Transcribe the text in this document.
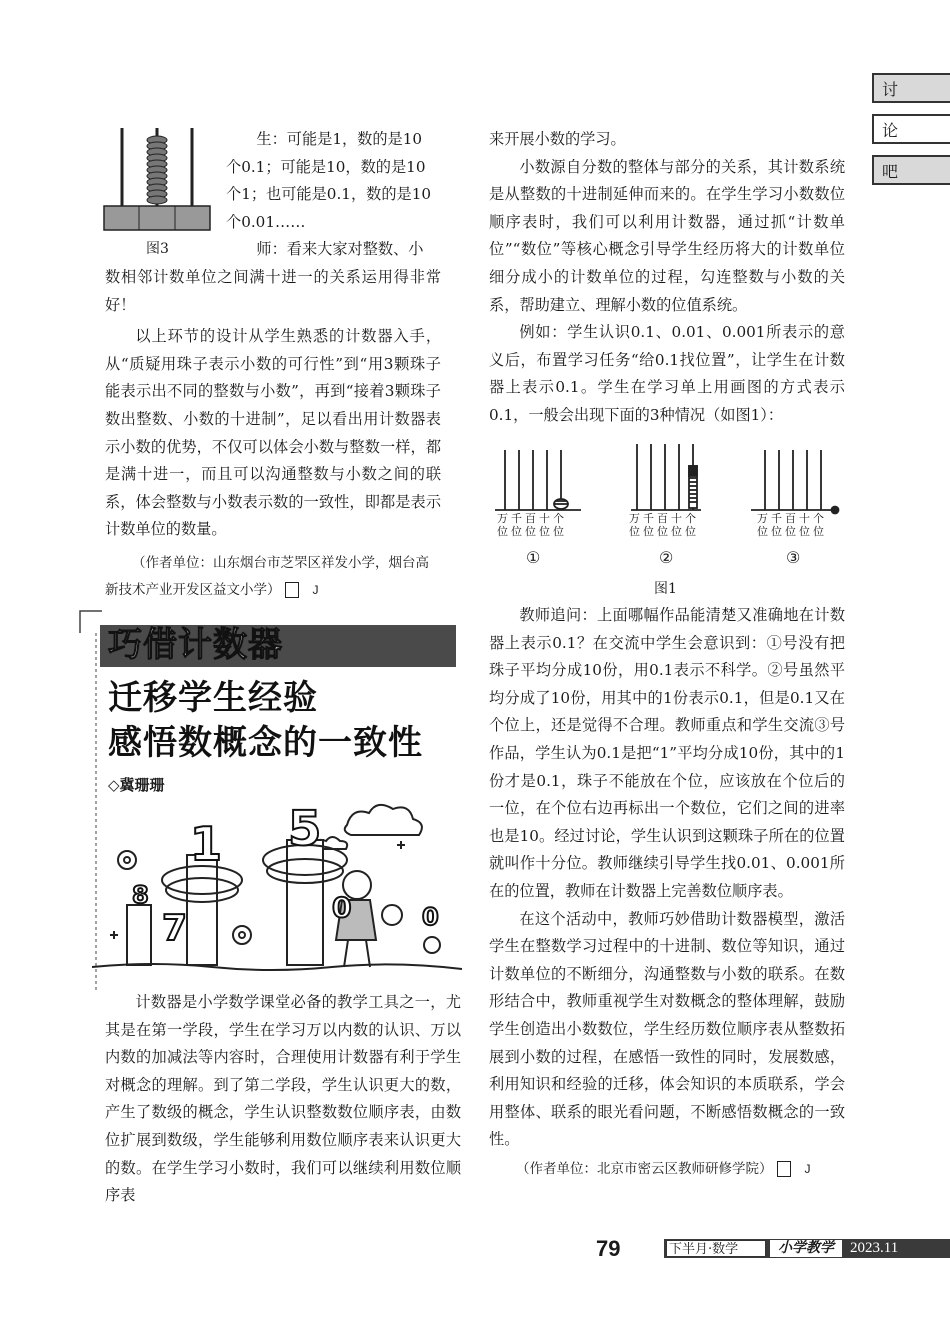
讨
论
吧

生：可能是1，数的是10

个0.1；可能是10，数的是10

个1；也可能是0.1，数的是10

个0.01……

师：看来大家对整数、小

图3

数相邻计数单位之间满十进一的关系运用得非常好！

以上环节的设计从学生熟悉的计数器入手，从“质疑用珠子表示小数的可行性”到“用3颗珠子能表示出不同的整数与小数”，再到“接着3颗珠子数出整数、小数的十进制”，足以看出用计数器表示小数的优势，不仅可以体会小数与整数一样，都是满十进一，而且可以沟通整数与小数之间的联系，体会整数与小数表示数的一致性，即都是表示计数单位的数量。

（作者单位：山东烟台市芝罘区祥发小学，烟台高新技术产业开发区益文小学）	J

巧借计数器
迁移学生经验
感悟数概念的一致性
◇冀珊珊
1 5
7
8	0	0

计数器是小学数学课堂必备的教学工具之一，尤其是在第一学段，学生在学习万以内数的认识、万以内数的加减法等内容时，合理使用计数器有利于学生对概念的理解。到了第二学段，学生认识更大的数，产生了数级的概念，学生认识整数数位顺序表，由数位扩展到数级，学生能够利用数位顺序表来认识更大的数。在学生学习小数时，我们可以继续利用数位顺序表

来开展小数的学习。

小数源自分数的整体与部分的关系，其计数系统是从整数的十进制延伸而来的。在学生学习小数数位顺序表时，我们可以利用计数器，通过抓“计数单位”“数位”等核心概念引导学生经历将大的计数单位细分成小的计数单位的过程，勾连整数与小数的关系，帮助建立、理解小数的位值系统。

例如：学生认识0.1、0.01、0.001所表示的意义后，布置学习任务“给0.1找位置”，让学生在计数器上表示0.1。学生在学习单上用画图的方式表示0.1，一般会出现下面的3种情况（如图1）：

万千百十个
位位位位位
万千百十个
位位位位位
万千百十个
位位位位位
①	②	③
图1

教师追问：上面哪幅作品能清楚又准确地在计数器上表示0.1？在交流中学生会意识到：①号没有把珠子平均分成10份，用0.1表示不科学。②号虽然平均分成了10份，用其中的1份表示0.1，但是0.1又在个位上，还是觉得不合理。教师重点和学生交流③号作品，学生认为0.1是把“1”平均分成10份，其中的1份才是0.1，珠子不能放在个位，应该放在个位后的一位，在个位右边再标出一个数位，它们之间的进率也是10。经过讨论，学生认识到这颗珠子所在的位置就叫作十分位。教师继续引导学生找0.01、0.001所在的位置，教师在计数器上完善数位顺序表。

在这个活动中，教师巧妙借助计数器模型，激活学生在整数学习过程中的十进制、数位等知识，通过计数单位的不断细分，沟通整数与小数的联系。在数形结合中，教师重视学生对数概念的整体理解，鼓励学生创造出小数数位，学生经历数位顺序表从整数拓展到小数的过程，在感悟一致性的同时，发展数感，利用知识和经验的迁移，体会知识的本质联系，学会用整体、联系的眼光看问题，不断感悟数概念的一致性。

（作者单位：北京市密云区教师研修学院）	J

79	下半月·数学	小学教学	2023.11
